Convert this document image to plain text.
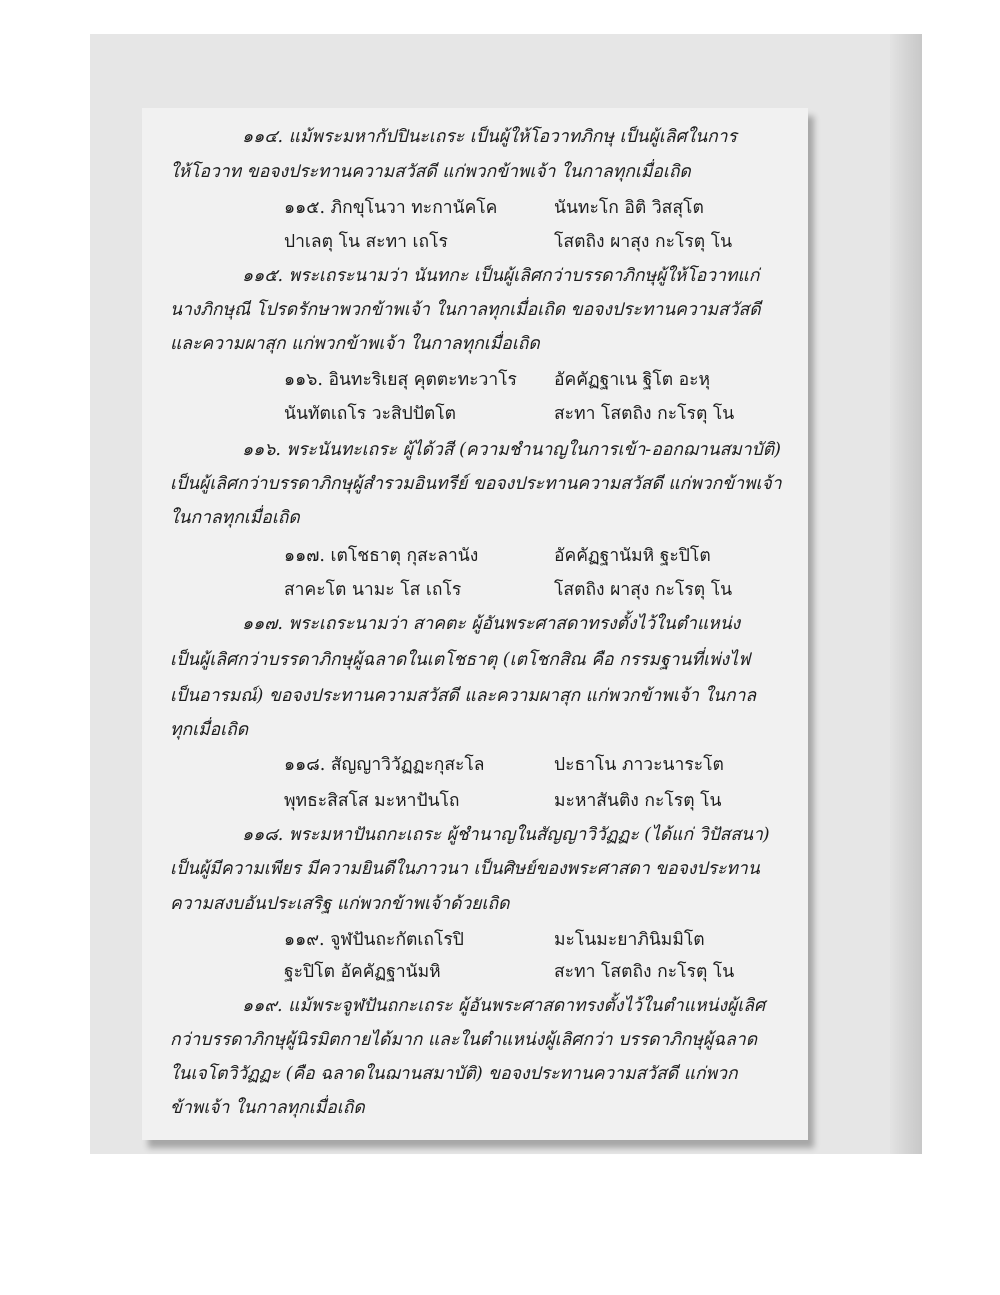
๑๑๔. แม้พระมหากัปปินะเถระ เป็นผู้ให้โอวาทภิกษุ เป็นผู้เลิศในการ
ให้โอวาท ขอจงประทานความสวัสดี แก่พวกข้าพเจ้า ในกาลทุกเมื่อเถิด
๑๑๕. ภิกขุโนวา ทะกานัคโค	นันทะโก อิติ วิสสุโต
ปาเลตุ โน สะทา เถโร	โสตถิง ผาสุง กะโรตุ โน
๑๑๕. พระเถระนามว่า นันทกะ เป็นผู้เลิศกว่าบรรดาภิกษุผู้ให้โอวาทแก่
นางภิกษุณี โปรดรักษาพวกข้าพเจ้า ในกาลทุกเมื่อเถิด ขอจงประทานความสวัสดี
และความผาสุก แก่พวกข้าพเจ้า ในกาลทุกเมื่อเถิด
๑๑๖. อินทะริเยสุ คุตตะทะวาโร อัคคัฏฐาเน ฐิโต อะหุ
นันทัตเถโร วะสิปปัตโต	สะทา โสตถิง กะโรตุ โน
๑๑๖. พระนันทะเถระ ผู้ได้วสี (ความชำนาญในการเข้า-ออกฌานสมาบัติ)
เป็นผู้เลิศกว่าบรรดาภิกษุผู้สำรวมอินทรีย์ ขอจงประทานความสวัสดี แก่พวกข้าพเจ้า
ในกาลทุกเมื่อเถิด
๑๑๗. เตโชธาตุ กุสะลานัง	อัคคัฏฐานัมหิ ฐะปิโต
สาคะโต นามะ โส เถโร	โสตถิง ผาสุง กะโรตุ โน
๑๑๗. พระเถระนามว่า สาคตะ ผู้อันพระศาสดาทรงตั้งไว้ในตำแหน่ง
เป็นผู้เลิศกว่าบรรดาภิกษุผู้ฉลาดในเตโชธาตุ (เตโชกสิณ คือ กรรมฐานที่เพ่งไฟ
เป็นอารมณ์) ขอจงประทานความสวัสดี และความผาสุก แก่พวกข้าพเจ้า ในกาล
ทุกเมื่อเถิด
๑๑๘. สัญญาวิวัฏฏะกุสะโล	ปะธาโน ภาวะนาระโต
พุทธะสิสโส มะหาปันโถ	มะหาสันติง กะโรตุ โน
๑๑๘. พระมหาปันถกะเถระ ผู้ชำนาญในสัญญาวิวัฏฏะ (ได้แก่ วิปัสสนา)
เป็นผู้มีความเพียร มีความยินดีในภาวนา เป็นศิษย์ของพระศาสดา ขอจงประทาน
ความสงบอันประเสริฐ แก่พวกข้าพเจ้าด้วยเถิด
๑๑๙. จูฬปันถะกัตเถโรปิ	มะโนมะยาภินิมมิโต
ฐะปิโต อัคคัฏฐานัมหิ	สะทา โสตถิง กะโรตุ โน
๑๑๙. แม้พระจูฬปันถกะเถระ ผู้อันพระศาสดาทรงตั้งไว้ในตำแหน่งผู้เลิศ
กว่าบรรดาภิกษุผู้นิรมิตกายได้มาก และในตำแหน่งผู้เลิศกว่า บรรดาภิกษุผู้ฉลาด
ในเจโตวิวัฏฏะ (คือ ฉลาดในฌานสมาบัติ) ขอจงประทานความสวัสดี แก่พวก
ข้าพเจ้า ในกาลทุกเมื่อเถิด
